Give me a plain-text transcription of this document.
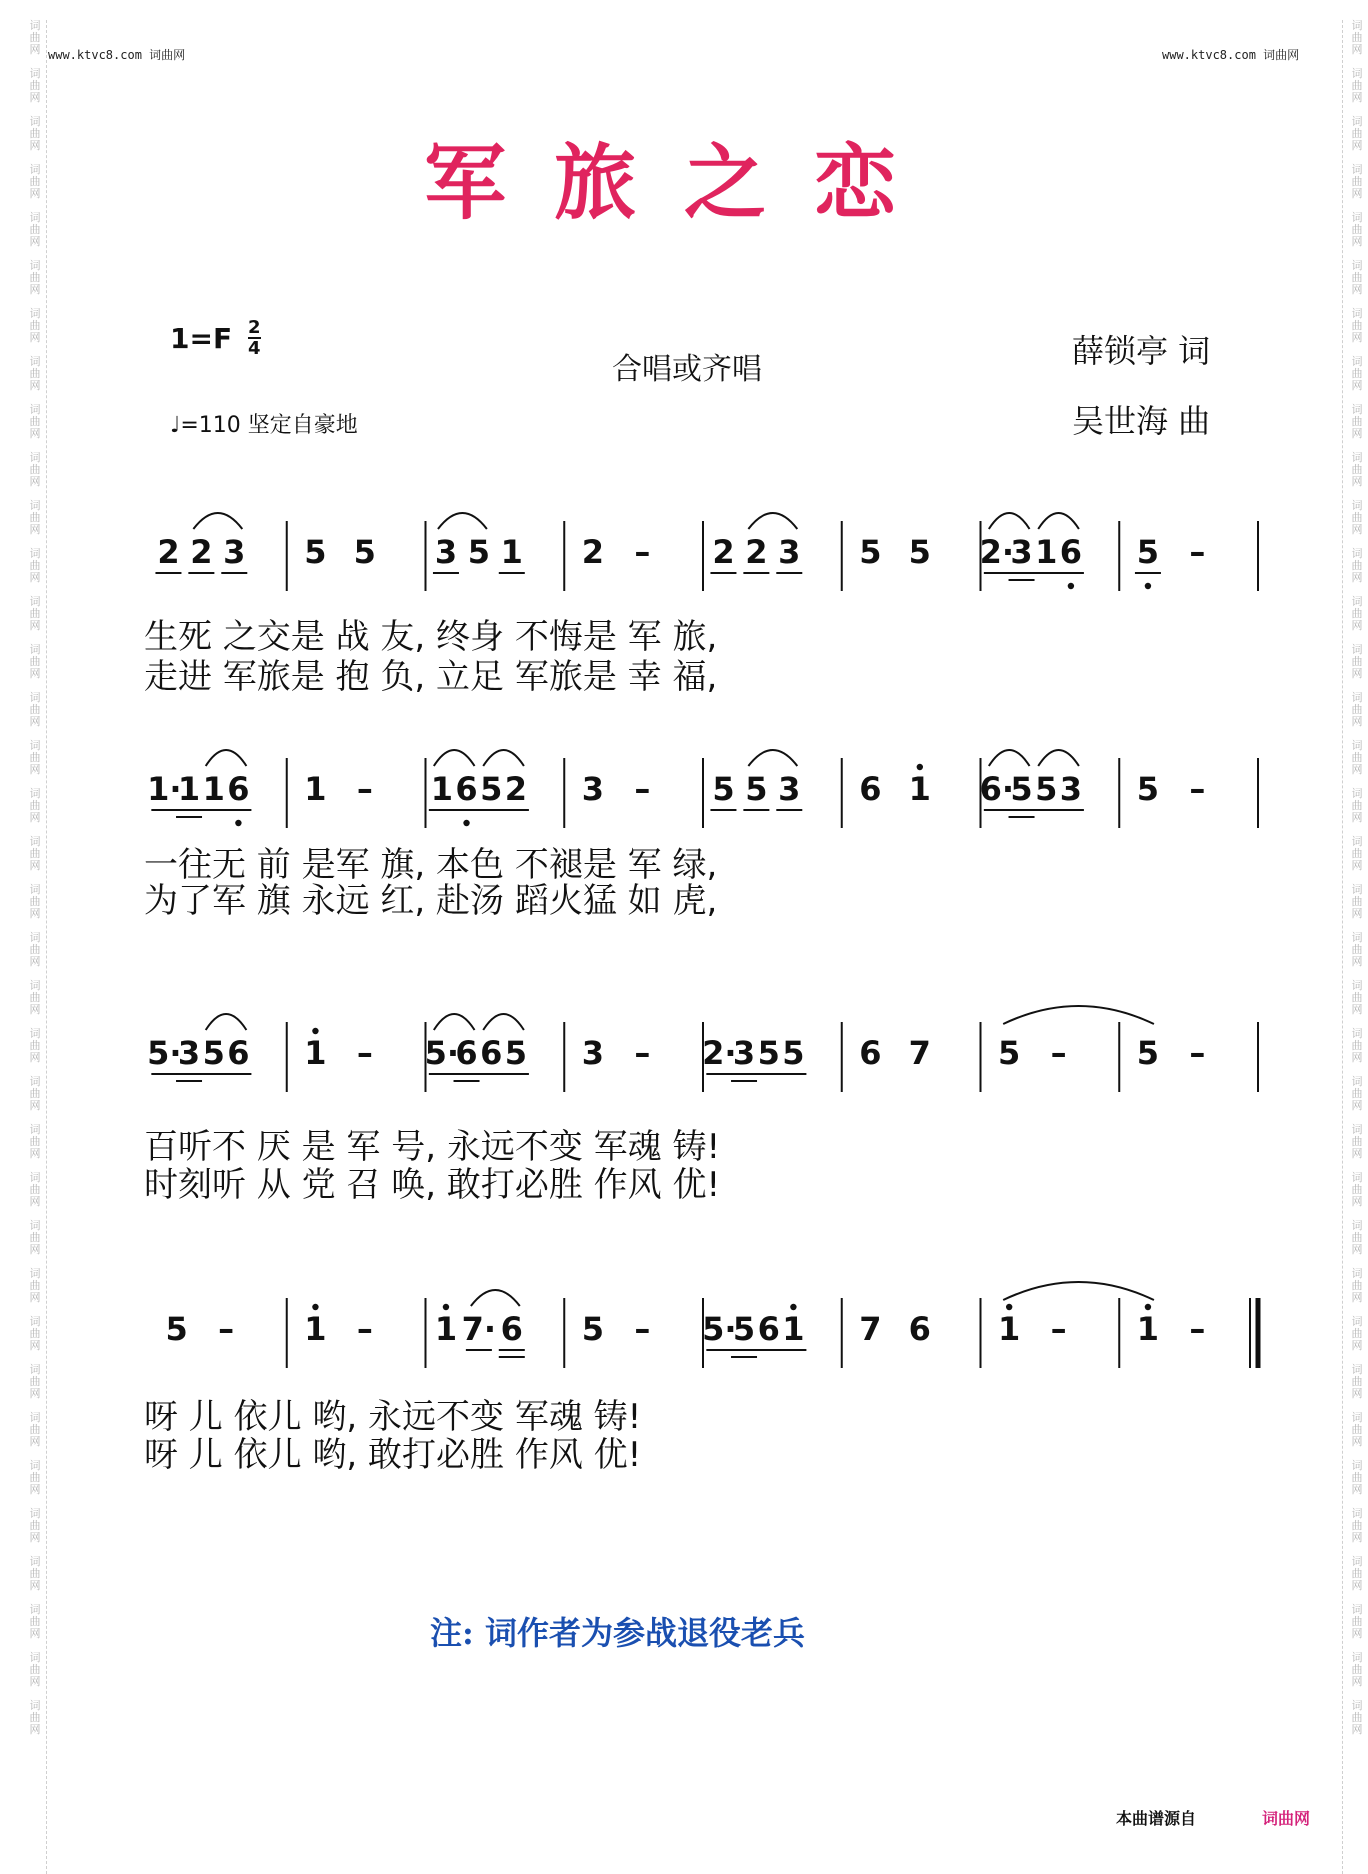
词
曲
网

词
曲
网

词
曲
网

词
曲
网

词
曲
网

词
曲
网

词
曲
网

词
曲
网

词
曲
网

词
曲
网

词
曲
网

词
曲
网

词
曲
网

词
曲
网

词
曲
网

词
曲
网

词
曲
网

词
曲
网

词
曲
网

词
曲
网

词
曲
网

词
曲
网

词
曲
网

词
曲
网

词
曲
网

词
曲
网

词
曲
网

词
曲
网

词
曲
网

词
曲
网

词
曲
网

词
曲
网

词
曲
网

词
曲
网

词
曲
网

词
曲
网

词
曲
网

词
曲
网

词
曲
网

词
曲
网

词
曲
网

词
曲
网

词
曲
网

词
曲
网

词
曲
网

词
曲
网

词
曲
网

词
曲
网

词
曲
网

词
曲
网

词
曲
网

词
曲
网

词
曲
网

词
曲
网

词
曲
网

词
曲
网

词
曲
网

词
曲
网

词
曲
网

词
曲
网

词
曲
网

词
曲
网

词
曲
网

词
曲
网

词
曲
网

词
曲
网

词
曲
网

词
曲
网

词
曲
网

词
曲
网

词
曲
网

词
曲
网

www.ktvc8.com 词曲网	www.ktvc8.com 词曲网
军旅之恋
$1=F \frac{2}{4}$
♩=110 坚定自豪地
合唱或齐唱	薛锁亭 词
吴世海 曲
2 2 3 5 5 3 5 1 2 – 2 2 3 5 5 2·
3 1 6 5 –
生死 之交是 战 友, 终身 不悔是 军 旅,
走进 军旅是 抱 负, 立足 军旅是 幸 福,
1·
1 1 6 1 – 1 6 5 2 3 – 5 5 3 6 1 6·
5 5 3 5 –
一往无 前 是军 旗, 本色 不褪是 军 绿,
为了军 旗 永远 红, 赴汤 蹈火猛 如 虎,
5·
3 5 6 1 – 5·
6 6 5 3 – 2·
3 5 5 6 7 5 – 5 –
百听不 厌 是 军 号, 永远不变 军魂 铸!
时刻听 从 党 召 唤, 敢打必胜 作风 优!
5 – 1 – 1 7· 6 5 – 5·
5 6 1 7 6 1 – 1 –
呀 儿 依儿 哟, 永远不变 军魂 铸!
呀 儿 依儿 哟, 敢打必胜 作风 优!
注: 词作者为参战退役老兵
本曲谱源自	词曲网
